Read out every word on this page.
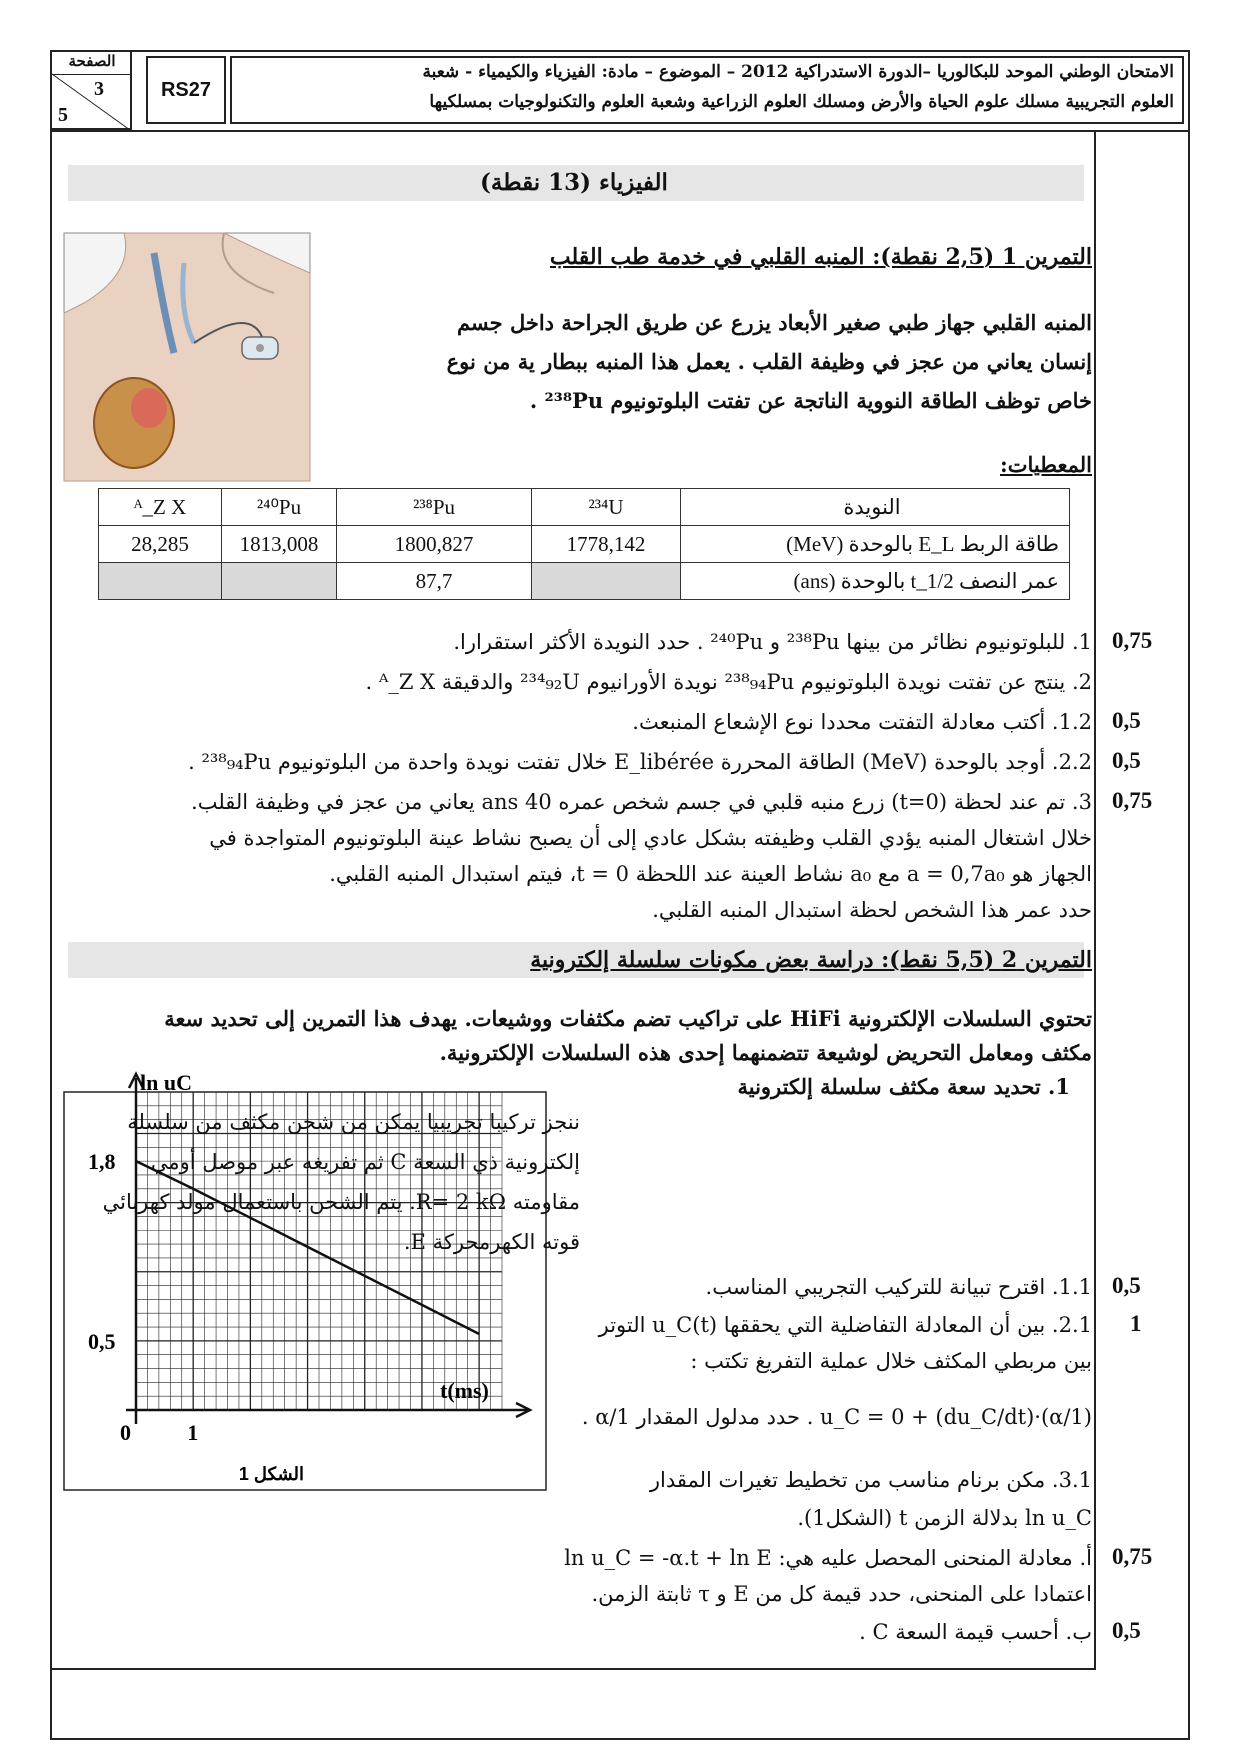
الصفحة
3
5
RS27
الامتحان الوطني الموحد للبكالوريا –الدورة الاستدراكية 2012 – الموضوع – مادة: الفيزياء والكيمياء - شعبة
العلوم التجريبية مسلك علوم الحياة والأرض ومسلك العلوم الزراعية وشعبة العلوم والتكنولوجيات بمسلكيها
الفيزياء (13 نقطة)
التمرين 1 (2,5 نقطة): المنبه القلبي في خدمة طب القلب
المنبه القلبي جهاز طبي صغير الأبعاد يزرع عن طريق الجراحة داخل جسم
إنسان يعاني من عجز في وظيفة القلب . يعمل هذا المنبه ببطار ية من نوع
خاص توظف الطاقة النووية الناتجة عن تفتت البلوتونيوم ²³⁸Pu .
المعطيات:
ᴬ_Z X	²⁴⁰Pu	²³⁸Pu	²³⁴U	النويدة
28,285	1813,008	1800,827	1778,142	طاقة الربط E_L بالوحدة (MeV)
		87,7		عمر النصف t_1/2 بالوحدة (ans)
1. للبلوتونيوم نظائر من بينها ²³⁸Pu و ²⁴⁰Pu . حدد النويدة الأكثر استقرارا.
2. ينتج عن تفتت نويدة البلوتونيوم ²³⁸₉₄Pu نويدة الأورانيوم ²³⁴₉₂U والدقيقة ᴬ_Z X .
1.2. أكتب معادلة التفتت محددا نوع الإشعاع المنبعث.
2.2. أوجد بالوحدة (MeV) الطاقة المحررة E_libérée خلال تفتت نويدة واحدة من البلوتونيوم ²³⁸₉₄Pu .
3. تم عند لحظة (t=0) زرع منبه قلبي في جسم شخص عمره 40 ans يعاني من عجز في وظيفة القلب.
خلال اشتغال المنبه يؤدي القلب وظيفته بشكل عادي إلى أن يصبح نشاط عينة البلوتونيوم المتواجدة في
الجهاز هو a = 0,7a₀ مع a₀ نشاط العينة عند اللحظة t = 0، فيتم استبدال المنبه القلبي.
حدد عمر هذا الشخص لحظة استبدال المنبه القلبي.
التمرين 2 (5,5 نقط): دراسة بعض مكونات سلسلة إلكترونية
تحتوي السلسلات الإلكترونية HiFi على تراكيب تضم مكثفات ووشيعات. يهدف هذا التمرين إلى تحديد سعة
مكثف ومعامل التحريض لوشيعة تتضمنهما إحدى هذه السلسلات الإلكترونية.
1. تحديد سعة مكثف سلسلة إلكترونية
ln uC
t(ms)
1,8
0,5
0	1
الشكل 1
ننجز تركيبا تجريبيا يمكن من شحن مكثف من سلسلة
إلكترونية ذي السعة C ثم تفريغه عبر موصل أومي
مقاومته R= 2 kΩ. يتم الشحن باستعمال مولد كهربائي
قوته الكهرمحركة E.
1.1. اقترح تبيانة للتركيب التجريبي المناسب.
2.1. بين أن المعادلة التفاضلية التي يحققها u_C(t) التوتر
بين مربطي المكثف خلال عملية التفريغ تكتب :
(1/α)·(du_C/dt) + u_C = 0 . حدد مدلول المقدار 1/α .
3.1. مكن برنام مناسب من تخطيط تغيرات المقدار
ln u_C بدلالة الزمن t (الشكل1).
أ. معادلة المنحنى المحصل عليه هي: ln u_C = -α.t + ln E
اعتمادا على المنحنى، حدد قيمة كل من E و τ ثابتة الزمن.
ب. أحسب قيمة السعة C .
0,75
0,5
0,5
0,75
0,5
1
0,75
0,5
